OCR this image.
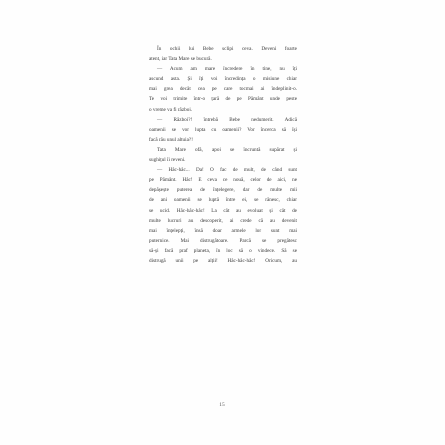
În ochii lui Bebe sclipi ceva. Deveni foarte
atent, iar Tata Mare se bucură.
— Acum am mare încredere în tine, nu îți
ascund asta. Și îți voi încredința o misiune chiar
mai grea decât cea pe care tocmai ai îndeplinit-o.
Te voi trimite într-o țară de pe Pământ unde peste
o vreme va fi război.
— Război?! întrebă Bebe nedumerit. Adică
oamenii se vor lupta cu oamenii? Vor încerca să își
facă rău unul altuia?!
Tata Mare ofă, apoi se încruntă supărat și
sughițul îi reveni.
— Hâc-hâc... Da! O fac de mult, de când sunt
pe Pământ. Hâc! E ceva ce nouă, celor de aici, ne
depășește puterea de înțelegere, dar de multe mii
de ani oamenii se luptă între ei, se rănesc, chiar
se ucid. Hâc-hâc-hâc! La cât au evoluat și cât de
multe lucruri au descoperit, ai crede că au devenit
mai înțelepți, însă doar armele lor sunt mai
puternice. Mai distrugătoare. Parcă se pregătesc
să-și facă praf planeta, în loc să o vindece. Să se
distrugă unii pe alții! Hâc-hâc-hâc! Oricum, au
15
